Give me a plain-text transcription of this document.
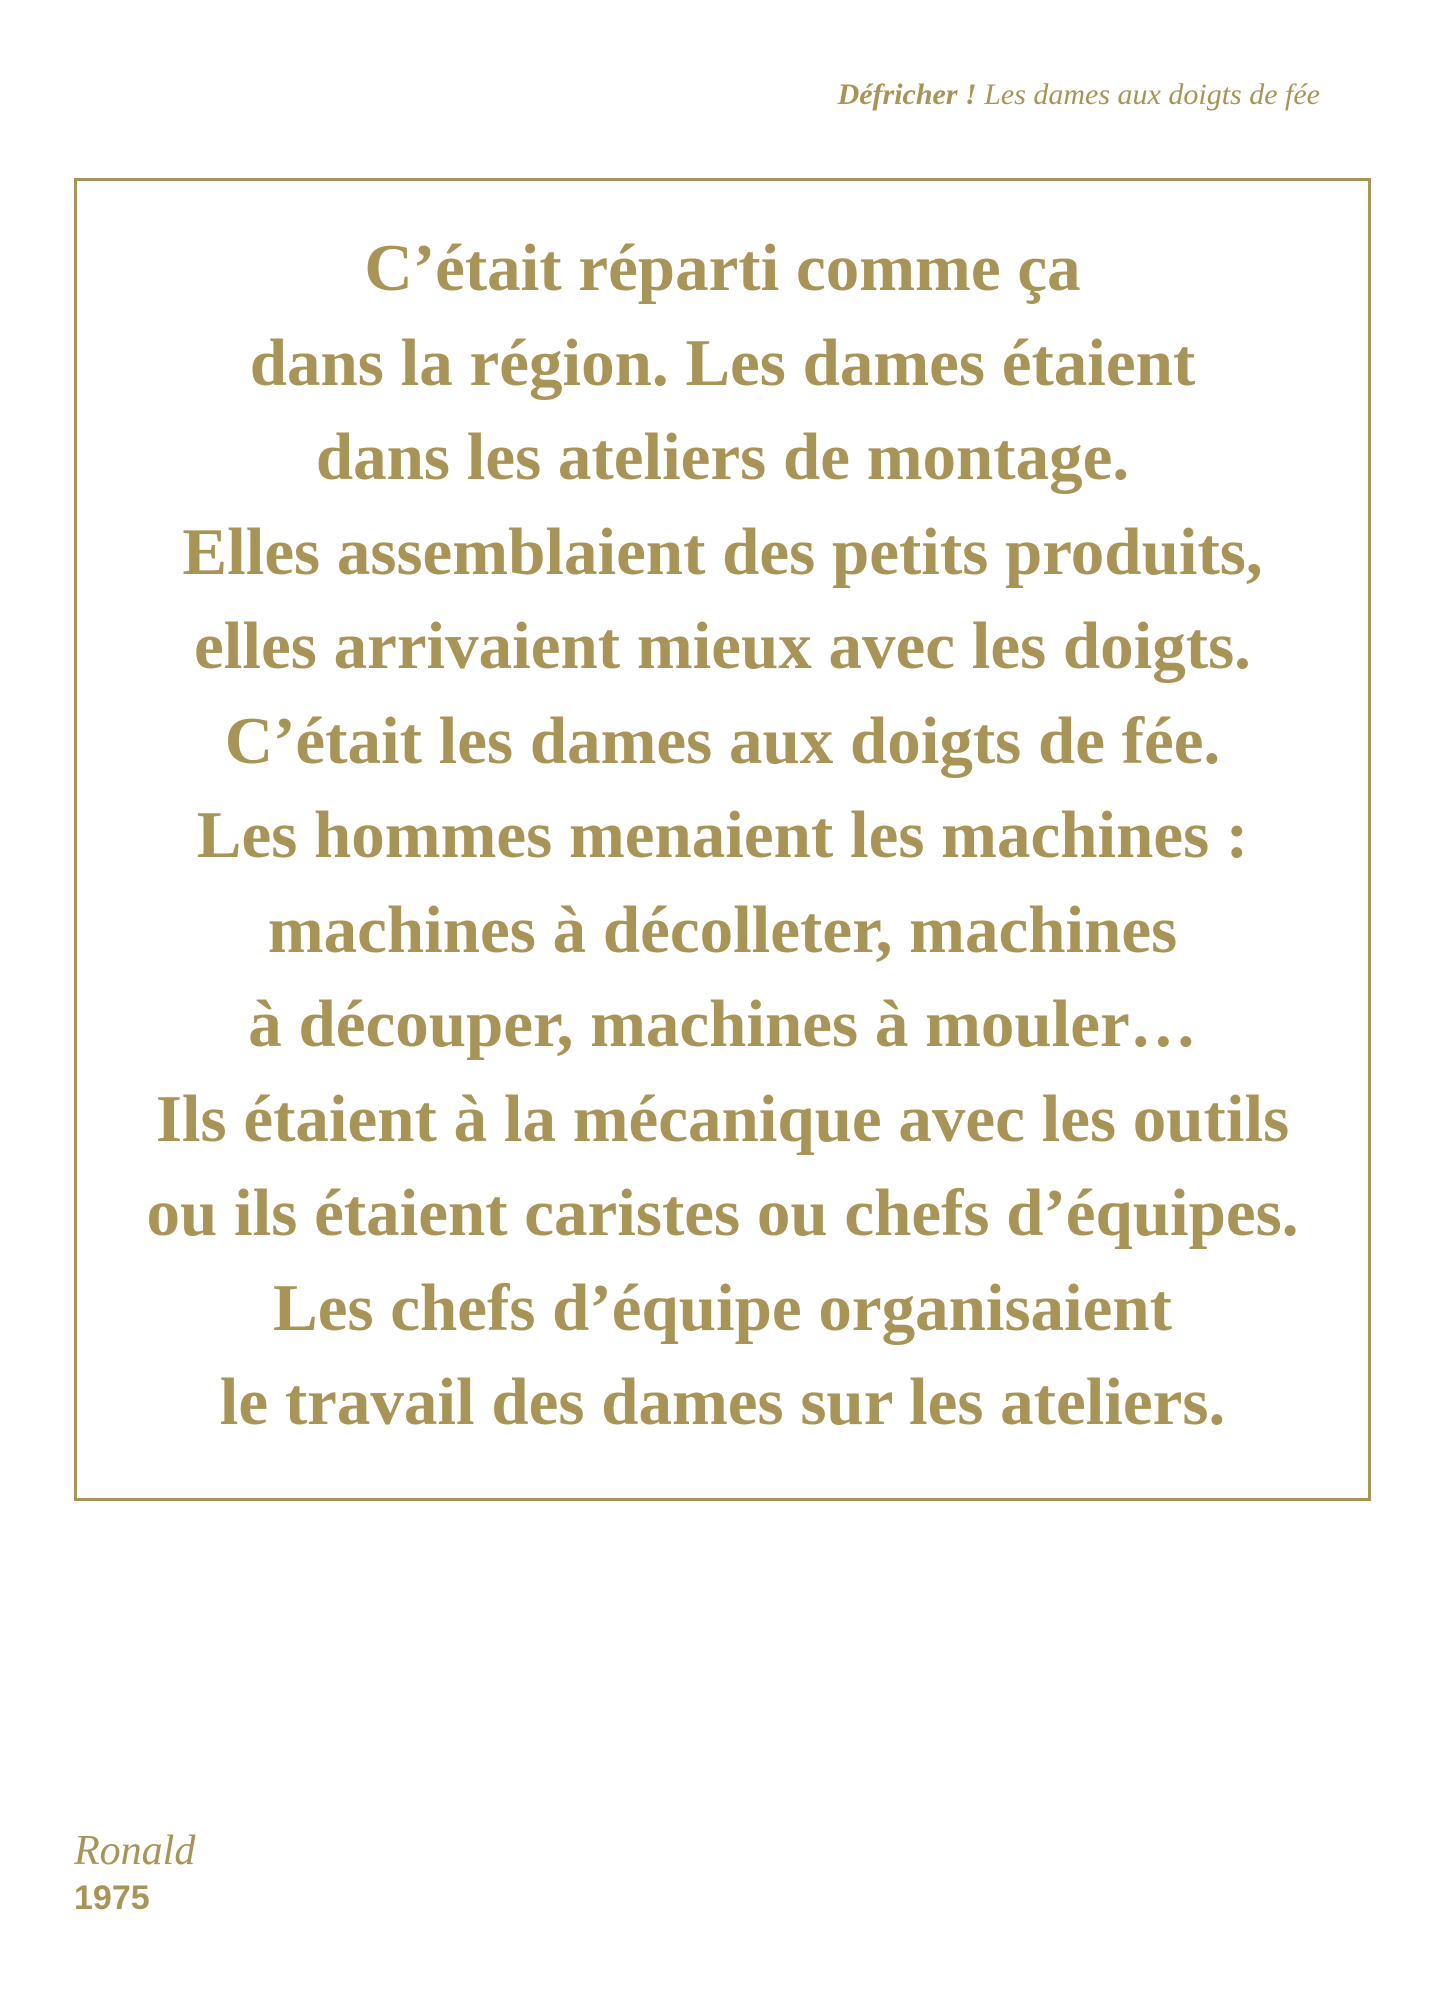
Défricher ! Les dames aux doigts de fée

C’était réparti comme ça
dans la région. Les dames étaient
dans les ateliers de montage.
Elles assemblaient des petits produits,
elles arrivaient mieux avec les doigts.
C’était les dames aux doigts de fée.
Les hommes menaient les machines :
machines à décolleter, machines
à découper, machines à mouler…
Ils étaient à la mécanique avec les outils
ou ils étaient caristes ou chefs d’équipes.
Les chefs d’équipe organisaient
le travail des dames sur les ateliers.

Ronald
1975
